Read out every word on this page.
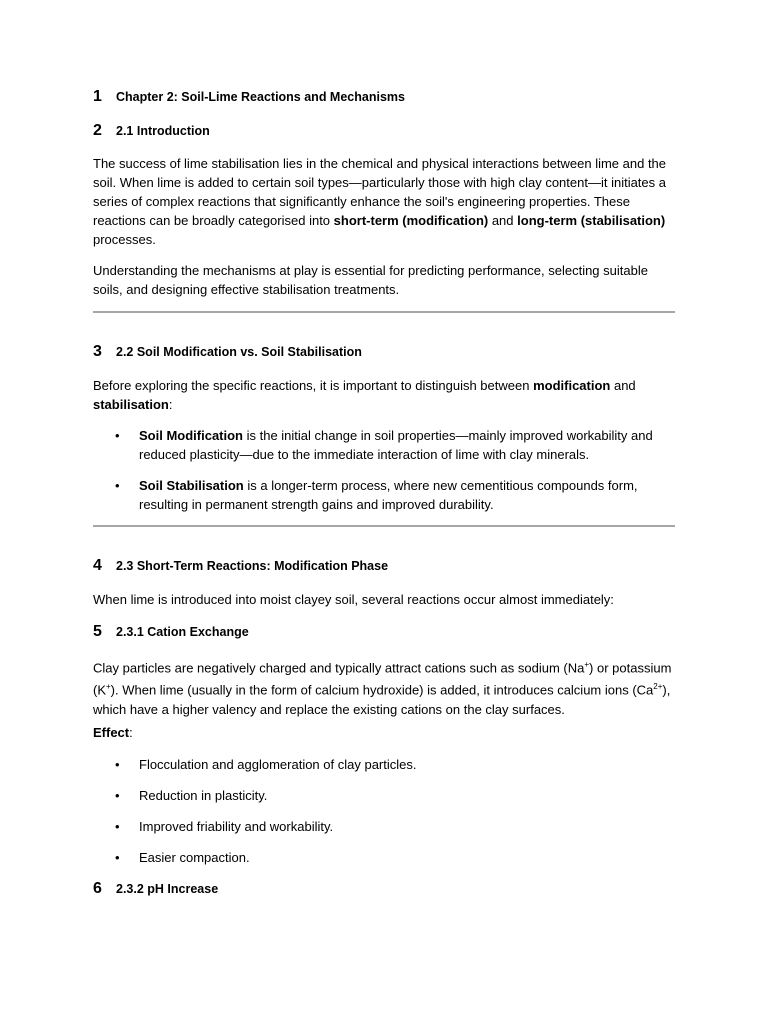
1	Chapter 2: Soil-Lime Reactions and Mechanisms
2	2.1 Introduction

The success of lime stabilisation lies in the chemical and physical interactions between lime and the soil. When lime is added to certain soil types—particularly those with high clay content—it initiates a series of complex reactions that significantly enhance the soil's engineering properties. These reactions can be broadly categorised into short-term (modification) and long-term (stabilisation) processes.

Understanding the mechanisms at play is essential for predicting performance, selecting suitable soils, and designing effective stabilisation treatments.

3	2.2 Soil Modification vs. Soil Stabilisation

Before exploring the specific reactions, it is important to distinguish between modification and stabilisation:

• Soil Modification is the initial change in soil properties—mainly improved workability and reduced plasticity—due to the immediate interaction of lime with clay minerals.
• Soil Stabilisation is a longer-term process, where new cementitious compounds form, resulting in permanent strength gains and improved durability.
4	2.3 Short-Term Reactions: Modification Phase

When lime is introduced into moist clayey soil, several reactions occur almost immediately:

5	2.3.1 Cation Exchange

Clay particles are negatively charged and typically attract cations such as sodium (Na+) or potassium (K+). When lime (usually in the form of calcium hydroxide) is added, it introduces calcium ions $(Ca^{2+})$, which have a higher valency and replace the existing cations on the clay surfaces.

Effect:

• Flocculation and agglomeration of clay particles.
• Reduction in plasticity.
• Improved friability and workability.
• Easier compaction.
6	2.3.2 pH Increase
